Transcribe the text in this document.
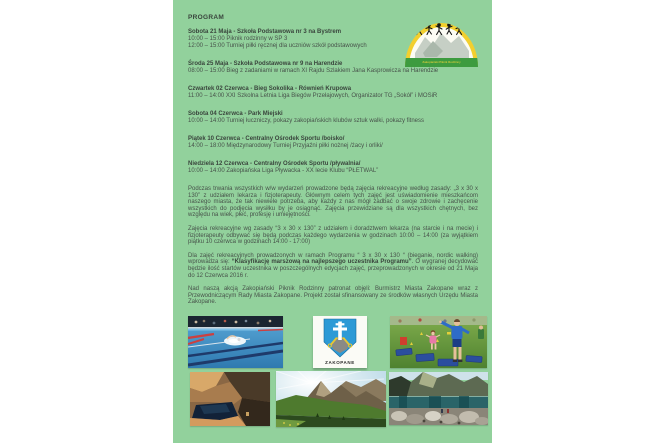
Zakopiański Piknik Rodzinny
PROGRAM
Sobota 21 Maja - Szkoła Podstawowa nr 3 na Bystrem
10:00 – 15:00 Piknik rodzinny w SP 3
12:00 – 15:00 Turniej piłki ręcznej dla uczniów szkół podstawowych
Środa 25 Maja - Szkoła Podstawowa nr 9 na Harendzie
08:00 – 15:00 Bieg z zadaniami w ramach XI Rajdu Szlakiem Jana Kasprowicza na Harendzie
Czwartek 02 Czerwca - Bieg Sokolika - Równień Krupowa
11:00 – 14:00 XXI Szkolna Letnia Liga Biegów Przełajowych, Organizator TG „Sokół” i MOSiR
Sobota 04 Czerwca - Park Miejski
10:00 – 14:00 Turniej łuczniczy, pokazy zakopiańskich klubów sztuk walki, pokazy fitness
Piątek 10 Czerwca - Centralny Ośrodek Sportu /boisko/
14:00 – 18:00 Międzynarodowy Turniej Przyjaźni piłki nożnej /żacy i orliki/
Niedziela 12 Czerwca - Centralny Ośrodek Sportu /pływalnia/
10:00 – 14:00 Zakopiańska Liga Pływacka - XX lecie Klubu “PŁETWAL”

Podczas trwania wszystkich w/w wydarzeń prowadzone będą zajęcia rekreacyjne według zasady: „3 x 30 x 130” z udziałem lekarza i fizjoterapeuty. Głównym celem tych zajęć jest uświadomienie mieszkańcom naszego miasta, że tak niewiele potrzeba, aby każdy z nas mógł zadbać o swoje zdrowie i zachęcenie wszystkich do podjęcia wysiłku by je osiągnąć. Zajęcia przewidziane są dla wszystkich chętnych, bez względu na wiek, płeć, profesję i umiejętności.

Zajęcia rekreacyjne wg zasady “3 x 30 x 130” z udziałem i doradztwem lekarza (na starcie i na mecie) i fizjoterapeuty odbywać się będą podczas każdego wydarzenia w godzinach 10:00 – 14:00 (za wyjątkiem piątku 10 czerwca w godzinach 14:00 - 17:00)

Dla zajęć rekreacyjnych prowadzonych w ramach Programu “ 3 x 30 x 130 “ (bieganie, nordic walking) wprowadza się: “Klasyfikację marszową na najlepszego uczestnika Programu”. O wygranej decydować będzie ilość startów uczestnika w poszczególnych edycjach zajęć, przeprowadzonych w okresie od 21 Maja do 12 Czerwca 2016 r.

Nad naszą akcją Zakopiański Piknik Rodzinny patronat objęli: Burmistrz Miasta Zakopane wraz z Przewodniczącym Rady Miasta Zakopane. Projekt został sfinansowany ze środków własnych Urzędu Miasta Zakopane.

ZAKOPANE
